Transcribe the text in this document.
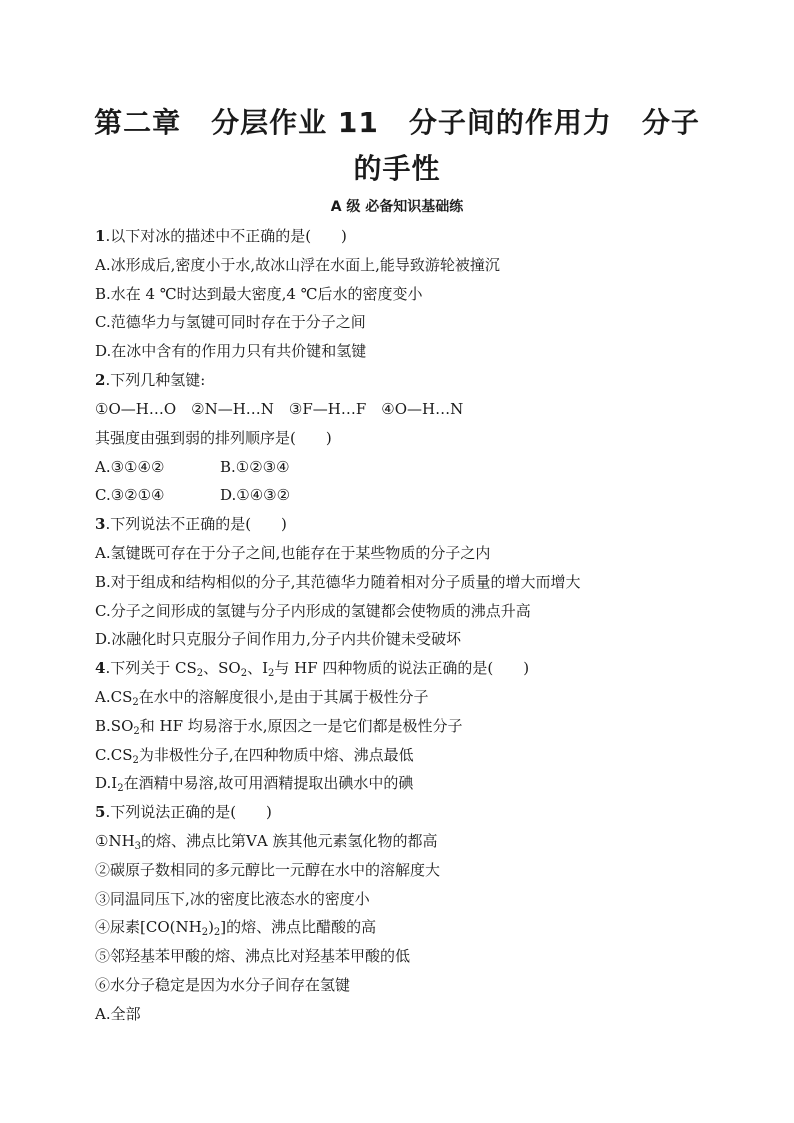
第二章 分层作业 11 分子间的作用力 分子
的手性
A 级 必备知识基础练
1.以下对冰的描述中不正确的是(　　)
A.冰形成后,密度小于水,故冰山浮在水面上,能导致游轮被撞沉
B.水在 4 ℃时达到最大密度,4 ℃后水的密度变小
C.范德华力与氢键可同时存在于分子之间
D.在冰中含有的作用力只有共价键和氢键
2.下列几种氢键:
①O—H…O　②N—H…N　③F—H…F　④O—H…N
其强度由强到弱的排列顺序是(　　)
A.③①④②	B.①②③④
C.③②①④	D.①④③②
3.下列说法不正确的是(　　)
A.氢键既可存在于分子之间,也能存在于某些物质的分子之内
B.对于组成和结构相似的分子,其范德华力随着相对分子质量的增大而增大
C.分子之间形成的氢键与分子内形成的氢键都会使物质的沸点升高
D.冰融化时只克服分子间作用力,分子内共价键未受破坏
4.下列关于 $CS_2$、$SO_2$、$I_2$与 HF 四种物质的说法正确的是(　　)
$A.CS_2$在水中的溶解度很小,是由于其属于极性分子
$B.SO_2$和 HF 均易溶于水,原因之一是它们都是极性分子
$C.CS_2$为非极性分子,在四种物质中熔、沸点最低
$D.I_2$在酒精中易溶,故可用酒精提取出碘水中的碘
5.下列说法正确的是(　　)
$①NH_3$的熔、沸点比第ⅤA 族其他元素氢化物的都高
②碳原子数相同的多元醇比一元醇在水中的溶解度大
③同温同压下,冰的密度比液态水的密度小
④尿素$[CO(NH_2)_2]$的熔、沸点比醋酸的高
⑤邻羟基苯甲酸的熔、沸点比对羟基苯甲酸的低
⑥水分子稳定是因为水分子间存在氢键
A.全部
